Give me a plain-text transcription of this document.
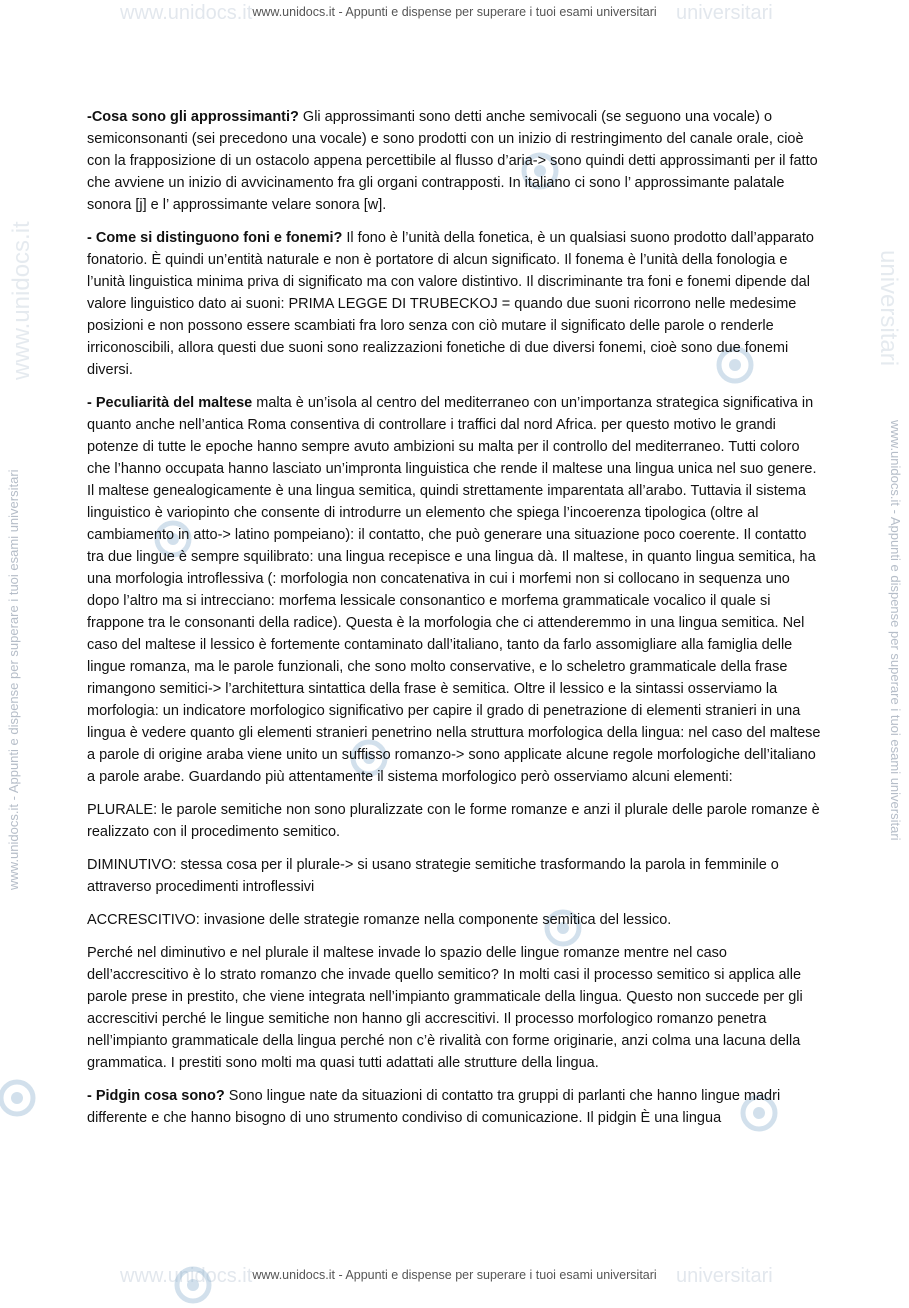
www.unidocs.it	universitari
www.unidocs.it - Appunti e dispense per superare i tuoi esami universitari
www.unidocs.it	universitari
www.unidocs.it - Appunti e dispense per superare i tuoi esami universitari
www.unidocs.it - Appunti e dispense per superare i tuoi esami universitari	www.unidocs.it - Appunti e dispense per superare i tuoi esami universitari
www.unidocs.it	universitari

-Cosa sono gli approssimanti? Gli approssimanti sono detti anche semivocali (se seguono una vocale) o semiconsonanti (sei precedono una vocale) e sono prodotti con un inizio di restringimento del canale orale, cioè con la frapposizione di un ostacolo appena percettibile al flusso d’aria-> sono quindi detti approssimanti per il fatto che avviene un inizio di avvicinamento fra gli organi contrapposti. In italiano ci sono l’ approssimante palatale sonora [j] e l’ approssimante velare sonora [w].

- Come si distinguono foni e fonemi? Il fono è l’unità della fonetica, è un qualsiasi suono prodotto dall’apparato fonatorio. È quindi un’entità naturale e non è portatore di alcun significato. Il fonema è l’unità della fonologia e l’unità linguistica minima priva di significato ma con valore distintivo. Il discriminante tra foni e fonemi dipende dal valore linguistico dato ai suoni: PRIMA LEGGE DI TRUBECKOJ = quando due suoni ricorrono nelle medesime posizioni e non possono essere scambiati fra loro senza con ciò mutare il significato delle parole o renderle irriconoscibili, allora questi due suoni sono realizzazioni fonetiche di due diversi fonemi, cioè sono due fonemi diversi.

- Peculiarità del maltese malta è un’isola al centro del mediterraneo con un’importanza strategica significativa in quanto anche nell’antica Roma consentiva di controllare i traffici dal nord Africa. per questo motivo le grandi potenze di tutte le epoche hanno sempre avuto ambizioni su malta per il controllo del mediterraneo. Tutti coloro che l’hanno occupata hanno lasciato un’impronta linguistica che rende il maltese una lingua unica nel suo genere. Il maltese genealogicamente è una lingua semitica, quindi strettamente imparentata all’arabo. Tuttavia il sistema linguistico è variopinto che consente di introdurre un elemento che spiega l’incoerenza tipologica (oltre al cambiamento in atto-> latino pompeiano): il contatto, che può generare una situazione poco coerente. Il contatto tra due lingue è sempre squilibrato: una lingua recepisce e una lingua dà. Il maltese, in quanto lingua semitica, ha una morfologia introflessiva (: morfologia non concatenativa in cui i morfemi non si collocano in sequenza uno dopo l’altro ma si intrecciano: morfema lessicale consonantico e morfema grammaticale vocalico il quale si frappone tra le consonanti della radice). Questa è la morfologia che ci attenderemmo in una lingua semitica. Nel caso del maltese il lessico è fortemente contaminato dall’italiano, tanto da farlo assomigliare alla famiglia delle lingue romanza, ma le parole funzionali, che sono molto conservative, e lo scheletro grammaticale della frase rimangono semitici-> l’architettura sintattica della frase è semitica. Oltre il lessico e la sintassi osserviamo la morfologia: un indicatore morfologico significativo per capire il grado di penetrazione di elementi stranieri in una lingua è vedere quanto gli elementi stranieri penetrino nella struttura morfologica della lingua: nel caso del maltese a parole di origine araba viene unito un suffisso romanzo-> sono applicate alcune regole morfologiche dell’italiano a parole arabe. Guardando più attentamente il sistema morfologico però osserviamo alcuni elementi:

PLURALE: le parole semitiche non sono pluralizzate con le forme romanze e anzi il plurale delle parole romanze è realizzato con il procedimento semitico.

DIMINUTIVO: stessa cosa per il plurale-> si usano strategie semitiche trasformando la parola in femminile o attraverso procedimenti introflessivi

ACCRESCITIVO: invasione delle strategie romanze nella componente semitica del lessico.

Perché nel diminutivo e nel plurale il maltese invade lo spazio delle lingue romanze mentre nel caso dell’accrescitivo è lo strato romanzo che invade quello semitico? In molti casi il processo semitico si applica alle parole prese in prestito, che viene integrata nell’impianto grammaticale della lingua. Questo non succede per gli accrescitivi perché le lingue semitiche non hanno gli accrescitivi. Il processo morfologico romanzo penetra nell’impianto grammaticale della lingua perché non c’è rivalità con forme originarie, anzi colma una lacuna della grammatica. I prestiti sono molti ma quasi tutti adattati alle strutture della lingua.

- Pidgin cosa sono? Sono lingue nate da situazioni di contatto tra gruppi di parlanti che hanno lingue madri differente e che hanno bisogno di uno strumento condiviso di comunicazione. Il pidgin È una lingua
